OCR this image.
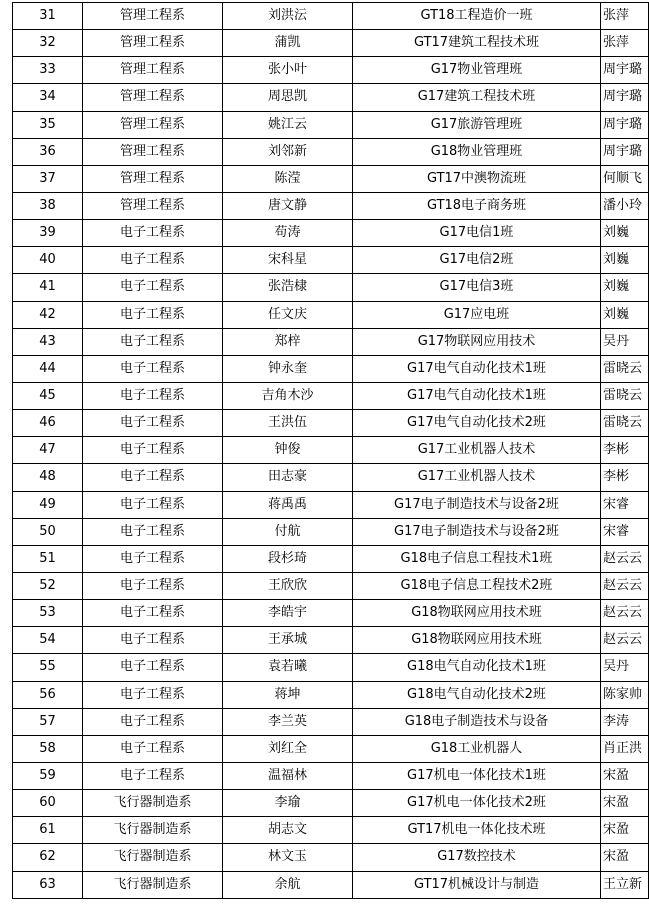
31	管理工程系	刘洪沄	GT18工程造价一班	张萍
32	管理工程系	蒲凯	GT17建筑工程技术班	张萍
33	管理工程系	张小叶	G17物业管理班	周宇璐
34	管理工程系	周思凯	G17建筑工程技术班	周宇璐
35	管理工程系	姚江云	G17旅游管理班	周宇璐
36	管理工程系	刘邻新	G18物业管理班	周宇璐
37	管理工程系	陈滢	GT17中澳物流班	何顺飞
38	管理工程系	唐文静	GT18电子商务班	潘小玲
39	电子工程系	苟涛	G17电信1班	刘巍
40	电子工程系	宋科星	G17电信2班	刘巍
41	电子工程系	张浩棣	G17电信3班	刘巍
42	电子工程系	任文庆	G17应电班	刘巍
43	电子工程系	郑梓	G17物联网应用技术	吴丹
44	电子工程系	钟永奎	G17电气自动化技术1班	雷晓云
45	电子工程系	吉角木沙	G17电气自动化技术1班	雷晓云
46	电子工程系	王洪伍	G17电气自动化技术2班	雷晓云
47	电子工程系	钟俊	G17工业机器人技术	李彬
48	电子工程系	田志豪	G17工业机器人技术	李彬
49	电子工程系	蒋禹禹	G17电子制造技术与设备2班	宋睿
50	电子工程系	付航	G17电子制造技术与设备2班	宋睿
51	电子工程系	段杉琦	G18电子信息工程技术1班	赵云云
52	电子工程系	王欣欣	G18电子信息工程技术2班	赵云云
53	电子工程系	李皓宇	G18物联网应用技术班	赵云云
54	电子工程系	王承城	G18物联网应用技术班	赵云云
55	电子工程系	袁若曦	G18电气自动化技术1班	吴丹
56	电子工程系	蒋坤	G18电气自动化技术2班	陈家帅
57	电子工程系	李兰英	G18电子制造技术与设备	李涛
58	电子工程系	刘红全	G18工业机器人	肖正洪
59	电子工程系	温福林	G17机电一体化技术1班	宋盈
60	飞行器制造系	李瑜	G17机电一体化技术2班	宋盈
61	飞行器制造系	胡志文	GT17机电一体化技术班	宋盈
62	飞行器制造系	林文玉	G17数控技术	宋盈
63	飞行器制造系	余航	GT17机械设计与制造	王立新
